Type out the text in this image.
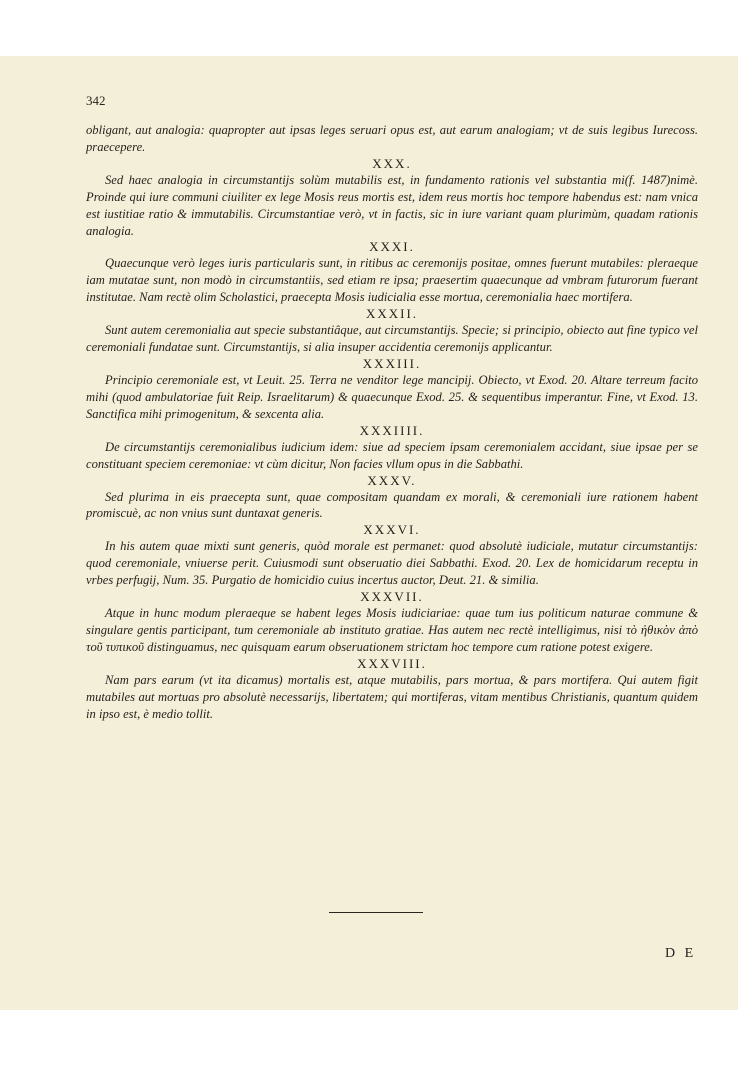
342

obligant, aut analogia: quapropter aut ipsas leges seruari opus est, aut earum analogiam; vt de suis legibus Iurecoss. praecepere.

XXX.

Sed haec analogia in circumstantijs solùm mutabilis est, in fundamento rationis vel substantia mi(f. 1487)nimè. Proinde qui iure communi ciuiliter ex lege Mosis reus mortis est, idem reus mortis hoc tempore habendus est: nam vnica est iustitiae ratio & immutabilis. Circumstantiae verò, vt in factis, sic in iure variant quam plurimùm, quadam rationis analogia.

XXXI.

Quaecunque verò leges iuris particularis sunt, in ritibus ac ceremonijs positae, omnes fuerunt mutabiles: pleraeque iam mutatae sunt, non modò in circumstantiis, sed etiam re ipsa; praesertim quaecunque ad vmbram futurorum fuerant institutae. Nam rectè olim Scholastici, praecepta Mosis iudicialia esse mortua, ceremonialia haec mortifera.

XXXII.

Sunt autem ceremonialia aut specie substantiâque, aut circumstantijs. Specie; si principio, obiecto aut fine typico vel ceremoniali fundatae sunt. Circumstantijs, si alia insuper accidentia ceremonijs applicantur.

XXXIII.

Principio ceremoniale est, vt Leuit. 25. Terra ne venditor lege mancipij. Obiecto, vt Exod. 20. Altare terreum facito mihi (quod ambulatoriae fuit Reip. Israelitarum) & quaecunque Exod. 25. & sequentibus imperantur. Fine, vt Exod. 13. Sanctifica mihi primogenitum, & sexcenta alia.

XXXIIII.

De circumstantijs ceremonialibus iudicium idem: siue ad speciem ipsam ceremonialem accidant, siue ipsae per se constituant speciem ceremoniae: vt cùm dicitur, Non facies vllum opus in die Sabbathi.

XXXV.

Sed plurima in eis praecepta sunt, quae compositam quandam ex morali, & ceremoniali iure rationem habent promiscuè, ac non vnius sunt duntaxat generis.

XXXVI.

In his autem quae mixti sunt generis, quòd morale est permanet: quod absolutè iudiciale, mutatur circumstantijs: quod ceremoniale, vniuerse perit. Cuiusmodi sunt obseruatio diei Sabbathi. Exod. 20. Lex de homicidarum receptu in vrbes perfugij, Num. 35. Purgatio de homicidio cuius incertus auctor, Deut. 21. & similia.

XXXVII.

Atque in hunc modum pleraeque se habent leges Mosis iudiciariae: quae tum ius politicum naturae commune & singulare gentis participant, tum ceremoniale ab instituto gratiae. Has autem nec rectè intelligimus, nisi τὸ ἠθικὸν ἀπὸ τοῦ τυπικοῦ distinguamus, nec quisquam earum obseruationem strictam hoc tempore cum ratione potest exigere.

XXXVIII.

Nam pars earum (vt ita dicamus) mortalis est, atque mutabilis, pars mortua, & pars mortifera. Qui autem figit mutabiles aut mortuas pro absolutè necessarijs, libertatem; qui mortiferas, vitam mentibus Christianis, quantum quidem in ipso est, è medio tollit.

D E
